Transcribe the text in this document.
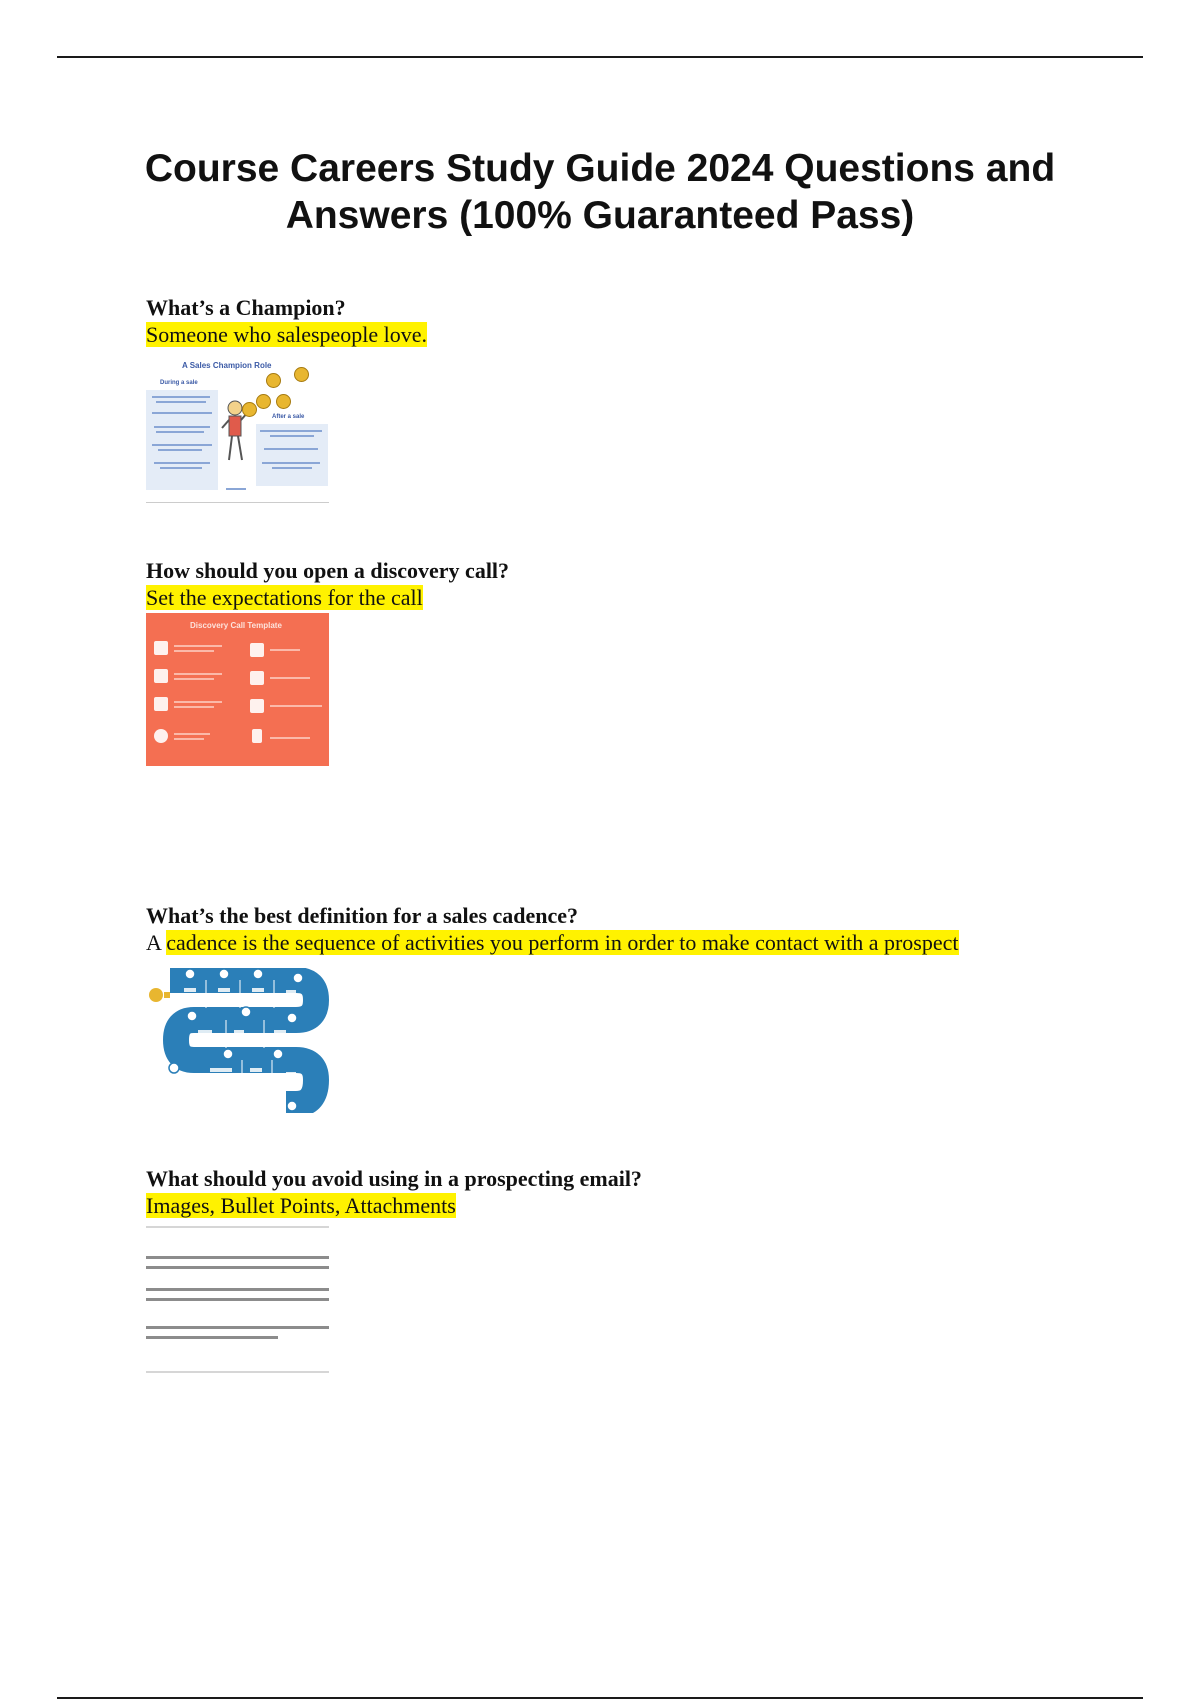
Course Careers Study Guide 2024 Questions and Answers (100% Guaranteed Pass)
What’s a Champion?
Someone who salespeople love.
A Sales Champion Role
During a sale
After a sale
How should you open a discovery call?
Set the expectations for the call
Discovery Call Template
What’s the best definition for a sales cadence?
A cadence is the sequence of activities you perform in order to make contact with a prospect
What should you avoid using in a prospecting email?
Images, Bullet Points, Attachments
